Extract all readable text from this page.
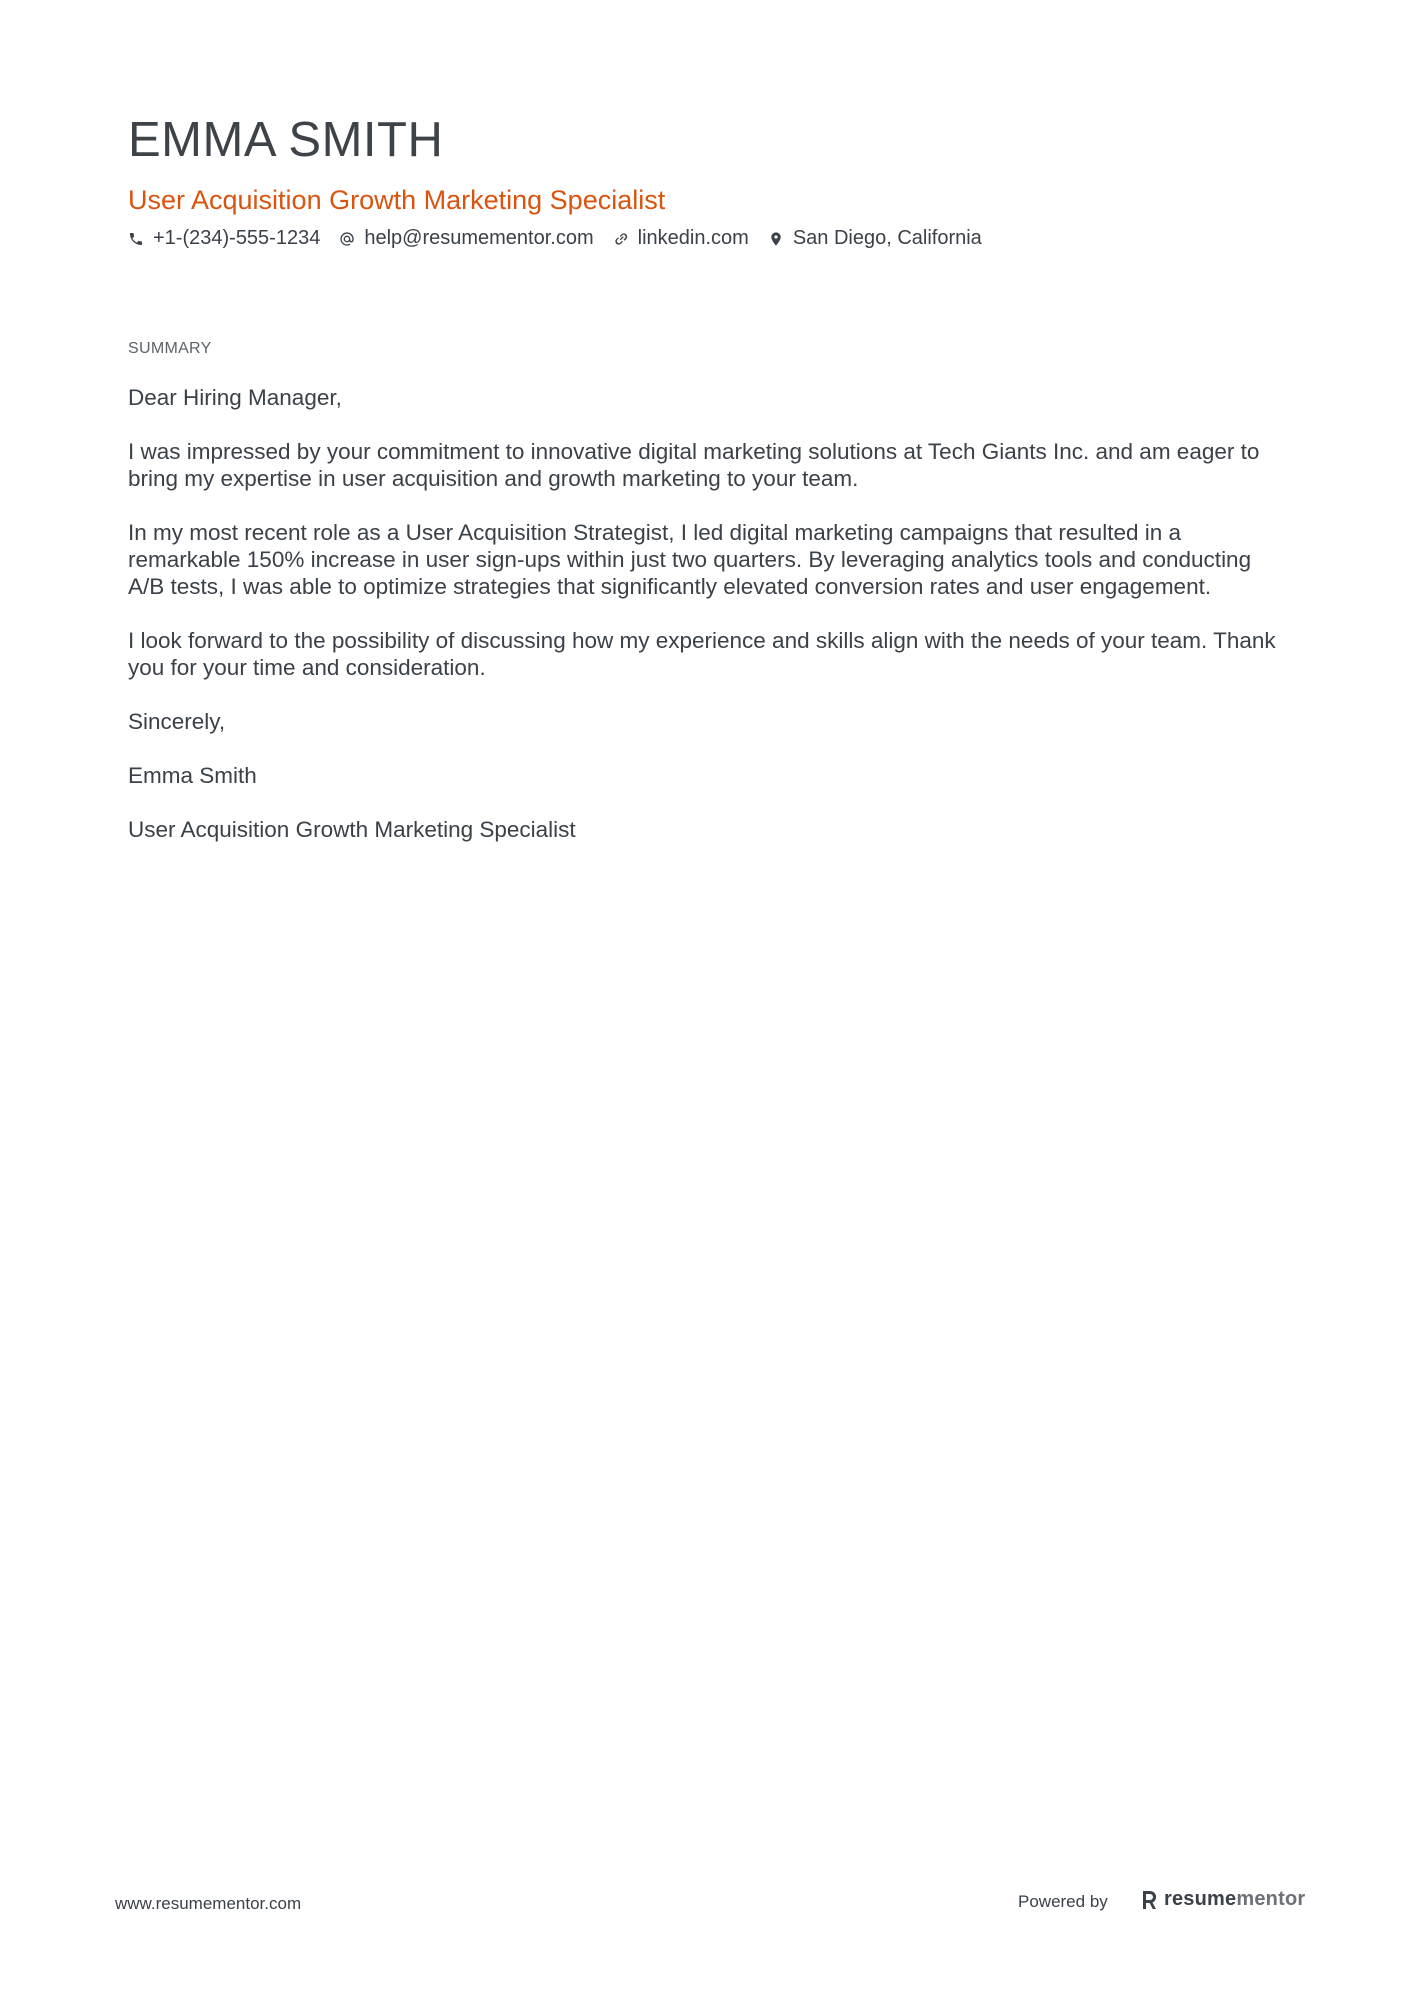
EMMA SMITH
User Acquisition Growth Marketing Specialist
+1-(234)-555-1234 help@resumementor.com linkedin.com San Diego, California
SUMMARY

Dear Hiring Manager,

I was impressed by your commitment to innovative digital marketing solutions at Tech Giants Inc. and am eager to bring my expertise in user acquisition and growth marketing to your team.

In my most recent role as a User Acquisition Strategist, I led digital marketing campaigns that resulted in a remarkable 150% increase in user sign-ups within just two quarters. By leveraging analytics tools and conducting A/B tests, I was able to optimize strategies that significantly elevated conversion rates and user engagement.

I look forward to the possibility of discussing how my experience and skills align with the needs of your team. Thank you for your time and consideration.

Sincerely,

Emma Smith

User Acquisition Growth Marketing Specialist

www.resumementor.com	Powered by	resumementor
